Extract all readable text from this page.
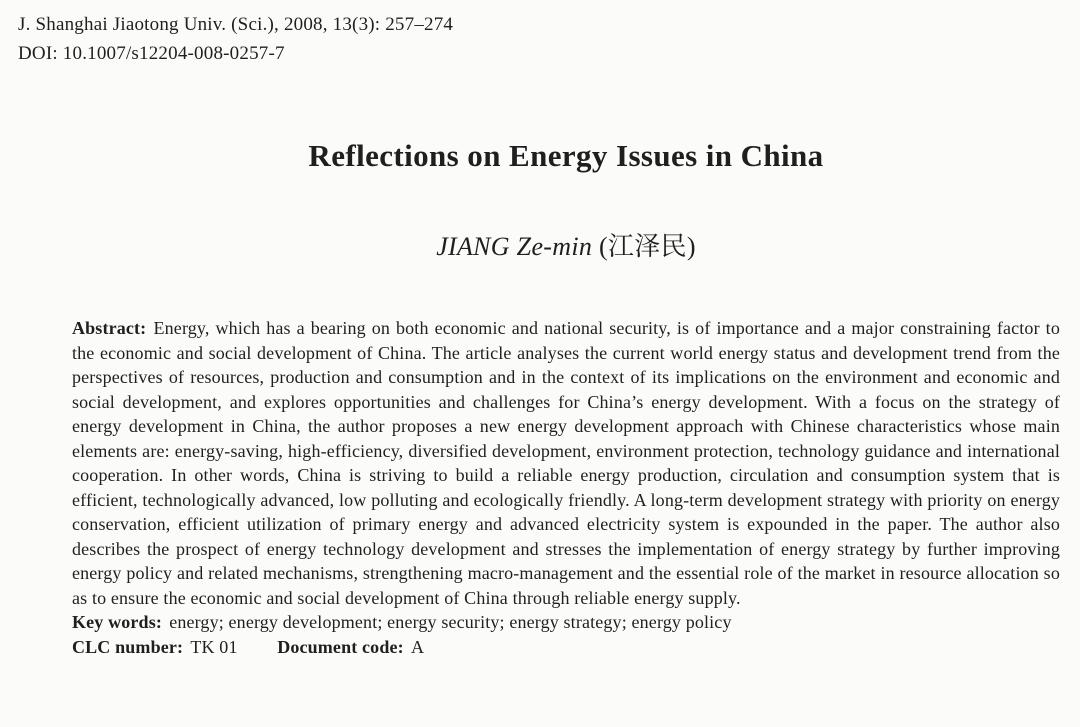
J. Shanghai Jiaotong Univ. (Sci.), 2008, 13(3): 257–274
DOI: 10.1007/s12204-008-0257-7
Reflections on Energy Issues in China
JIANG Ze-min (江泽民)

Abstract: Energy, which has a bearing on both economic and national security, is of importance and a major constraining factor to the economic and social development of China. The article analyses the current world energy status and development trend from the perspectives of resources, production and consumption and in the context of its implications on the environment and economic and social development, and explores opportunities and challenges for China’s energy development. With a focus on the strategy of energy development in China, the author proposes a new energy development approach with Chinese characteristics whose main elements are: energy-saving, high-efficiency, diversified development, environment protection, technology guidance and international cooperation. In other words, China is striving to build a reliable energy production, circulation and consumption system that is efficient, technologically advanced, low polluting and ecologically friendly. A long-term development strategy with priority on energy conservation, efficient utilization of primary energy and advanced electricity system is expounded in the paper. The author also describes the prospect of energy technology development and stresses the implementation of energy strategy by further improving energy policy and related mechanisms, strengthening macro-management and the essential role of the market in resource allocation so as to ensure the economic and social development of China through reliable energy supply.

Key words: energy; energy development; energy security; energy strategy; energy policy

CLC number: TK 01 Document code: A
